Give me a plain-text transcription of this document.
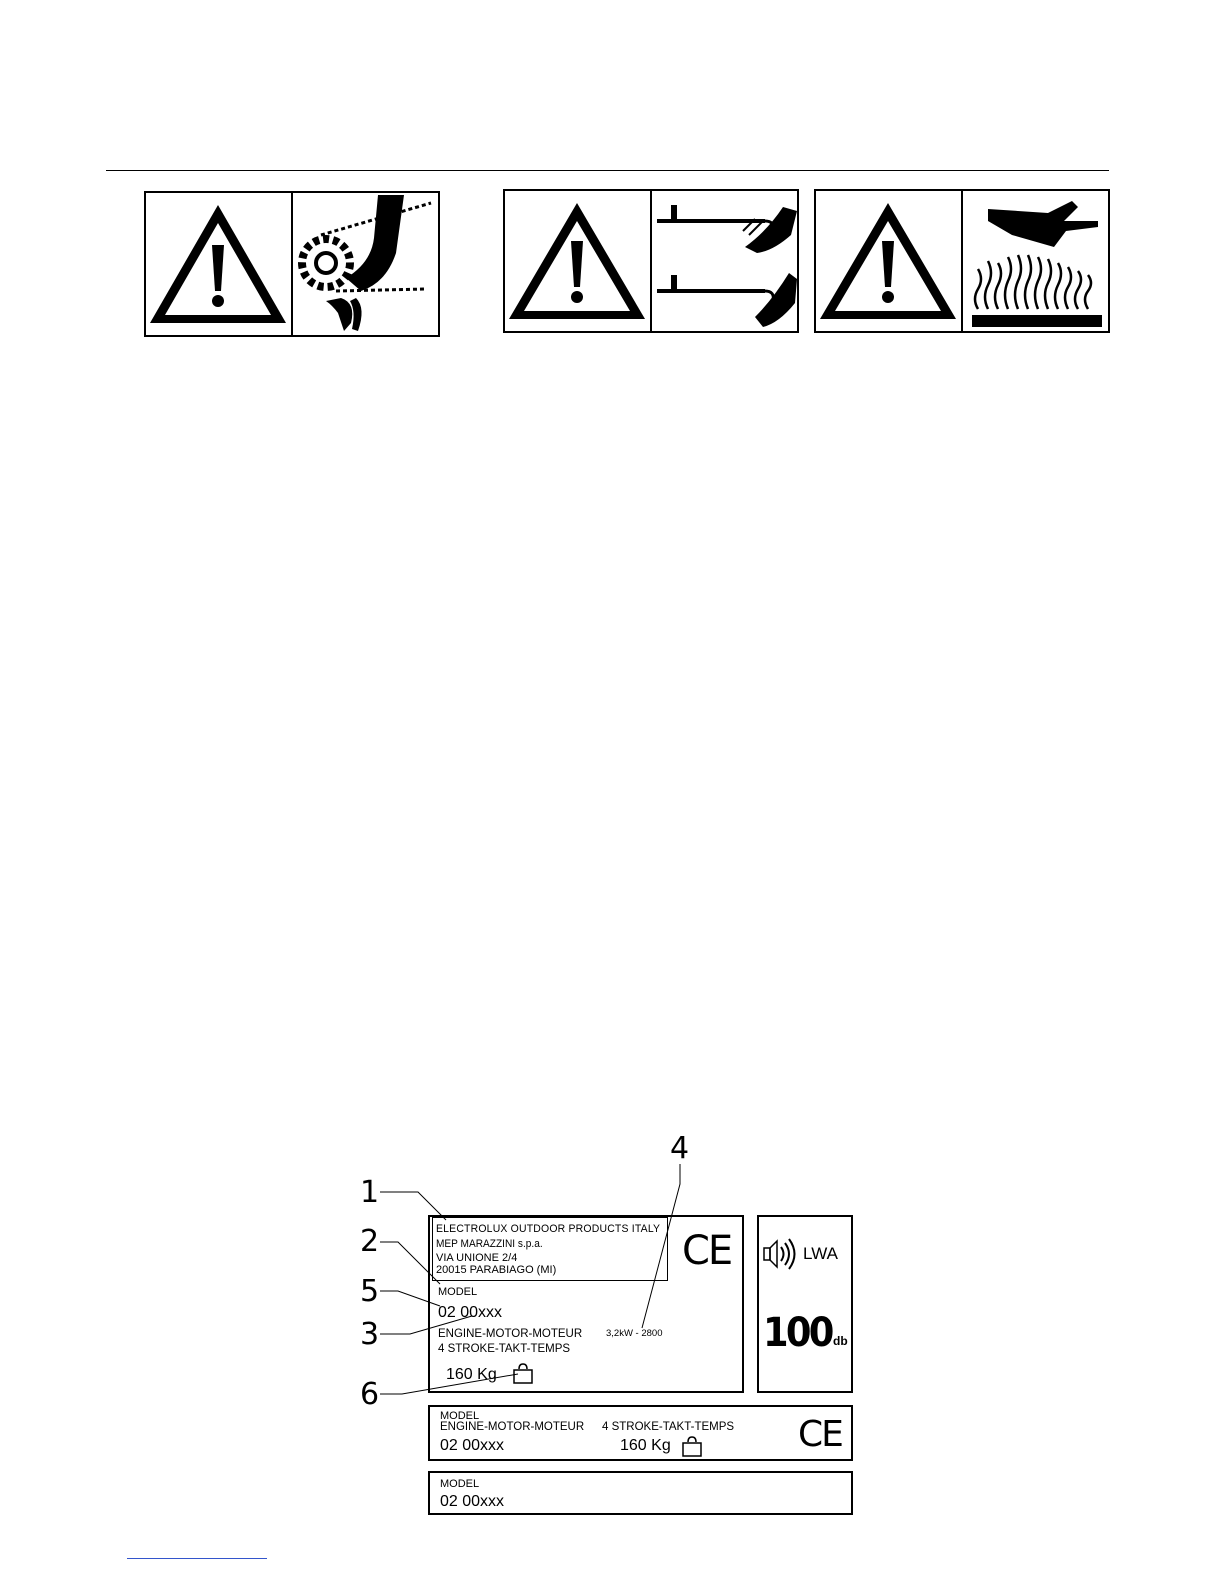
ELECTROLUX OUTDOOR PRODUCTS ITALY
MEP MARAZZINI s.p.a.
VIA UNIONE 2/4
20015 PARABIAGO (MI)	CE
MODEL
02 00xxx
ENGINE-MOTOR-MOTEUR
4 STROKE-TAKT-TEMPS
3,2kW - 2800
160 Kg
LWA
100 db
MODEL
ENGINE-MOTOR-MOTEUR 4 STROKE-TAKT-TEMPS
02 00xxx	160 Kg	CE
MODEL
02 00xxx
1
2
3
4
5
6
